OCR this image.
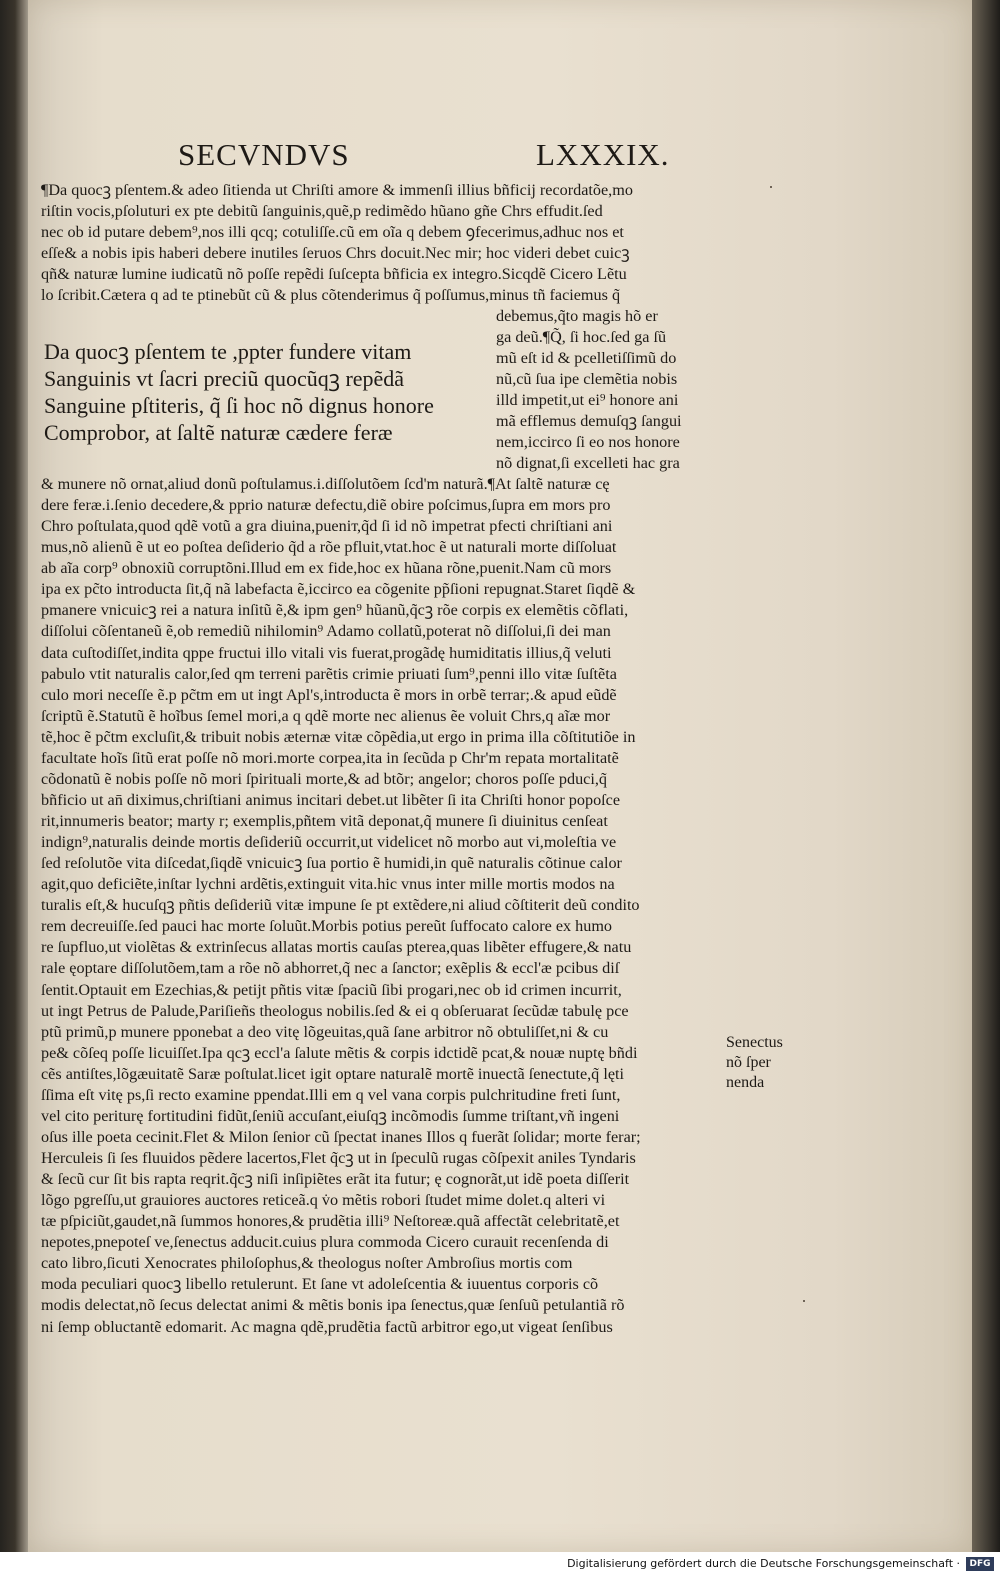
SECVNDVS	LXXXIX.
¶Da quocꝫ pſentem.& adeo ſitienda ut Chriſti amore & immenſi illius bñficij recordatõe,mo
riſtin vocis,pſoluturi ex pte debitũ ſanguinis,quẽ,p redimẽdo hũano gñe Chrs effudit.ſed
nec ob id putare debem⁹,nos illi qcq; cotuliſſe.cũ em oĩa q debem ꝯfecerimus,adhuc nos et
eſſe& a nobis ipis haberi debere inutiles ſeruos Chrs docuit.Nec mir; hoc videri debet cuicꝫ
qñ& naturæ lumine iudicatũ nõ poſſe repẽdi ſuſcepta bñficia ex integro.Sicqdẽ Cicero Lẽtu
lo ſcribit.Cætera q ad te ptinebũt cũ & plus cõtenderimus q̃ poſſumus,minus tñ faciemus q̃
Da quocꝫ pſentem te ,ppter fundere vitam
Sanguinis vt ſacri preciũ quocũqꝫ repẽdã
Sanguine pſtiteris, q̃ ſi hoc nõ dignus honore
Comprobor, at ſaltẽ naturæ cædere feræ
debemus,q̃to magis hõ er
ga deũ.¶Q̃, ſi hoc.ſed ga ſũ
mũ eſt id & pcelletiſſimũ do
nũ,cũ ſua ipe clemẽtia nobis
illd impetit,ut ei⁹ honore ani
mã efflemus demuſqꝫ ſangui
nem,iccirco ſi eo nos honore
nõ dignat,ſi excelleti hac gra
& munere nõ ornat,aliud donũ poſtulamus.i.diſſolutõem ſcd'm naturã.¶At ſaltẽ naturæ cę
dere feræ.i.ſenio decedere,& pprio naturæ defectu,diẽ obire poſcimus,ſupra em mors pro
Chro poſtulata,quod qdẽ votũ a gra diuina,pueniт,q̃d ſi id nõ impetrat pfecti chriſtiani ani
mus,nõ alienũ ẽ ut eo poſtea deſiderio q̃d a rõe pfluit,vtat.hoc ẽ ut naturali morte diſſoluat
ab aĩa corp⁹ obnoxiũ corruptõni.Illud em ex fide,hoc ex hũana rõne,puenit.Nam cũ mors
ipa ex pc̃to introducta ſit,q̃ nã labefacta ẽ,iccirco ea cõgenite pp̃ſioni repugnat.Staret ſiqdẽ &
pmanere vnicuicꝫ rei a natura inſitũ ẽ,& ipm gen⁹ hũanũ,q̃cꝫ rõe corpis ex elemẽtis cõflati,
diſſolui cõſentaneũ ẽ,ob remediũ nihilomin⁹ Adamo collatũ,poterat nõ diſſolui,ſi dei man
data cuſtodiſſet,indita qppe fructui illo vitali vis fuerat,progãdę humiditatis illius,q̃ veluti
pabulo vtit naturalis calor,ſed qm terreni parẽtis crimie priuati ſum⁹,penni illo vitæ ſuſtẽta
culo mori neceſſe ẽ.p pc̃tm em ut ingt Apl's,introducta ẽ mors in orbẽ terrar;.& apud eũdẽ
ſcriptũ ẽ.Statutũ ẽ hoĩbus ſemel mori,a q qdẽ morte nec alienus ẽe voluit Chrs,q aĩæ mor
tẽ,hoc ẽ pc̃tm excluſit,& tribuit nobis æternæ vitæ cõpẽdia,ut ergo in prima illa cõſtitutiõe in
facultate hoĩs ſitũ erat poſſe nõ mori.morte corpea,ita in ſecũda p Chr'm repata mortalitatẽ
cõdonatũ ẽ nobis poſſe nõ mori ſpirituali morte,& ad btõr; angelor; choros poſſe pduci,q̃
bñficio ut an̄ diximus,chriſtiani animus incitari debet.ut libẽter ſi ita Chriſti honor popoſce
rit,innumeris beator; marty r; exemplis,pñtem vitã deponat,q̃ munere ſi diuinitus cenſeat
indign⁹,naturalis deinde mortis deſideriũ occurrit,ut videlicet nõ morbo aut vi,moleſtia ve
ſed reſolutõe vita diſcedat,ſiqdẽ vnicuicꝫ ſua portio ẽ humidi,in quẽ naturalis cõtinue calor
agit,quo deficiẽte,inſtar lychni ardẽtis,extinguit vita.hic vnus inter mille mortis modos na
turalis eſt,& hucuſqꝫ pñtis deſideriũ vitæ impune ſe pt extẽdere,ni aliud cõſtiterit deũ condito
rem decreuiſſe.ſed pauci hac morte ſoluũt.Morbis potius pereũt ſuffocato calore ex humo
re ſupfluo,ut violẽtas & extrinſecus allatas mortis cauſas pterea,quas libẽter effugere,& natu
rale ęoptare diſſolutõem,tam a rõe nõ abhorret,q̃ nec a ſanctor; exẽplis & eccl'æ pcibus diſ
ſentit.Optauit em Ezechias,& petijt pñtis vitæ ſpaciũ ſibi progari,nec ob id crimen incurrit,
ut ingt Petrus de Palude,Pariſieñs theologus nobilis.ſed & ei q obſeruarat ſecũdæ tabulę pce
ptũ primũ,p munere pponebat a deo vitę lõgeuitas,quã ſane arbitror nõ obtuliſſet,ni & cu
pe& cõſeq poſſe licuiſſet.Ipa qcꝫ eccl'a ſalute mẽtis & corpis idctidẽ pcat,& nouæ nuptę bñdi
cẽs antiſtes,lõgæuitatẽ Saræ poſtulat.licet igit optare naturalẽ mortẽ inuectã ſenectute,q̃ lęti
ſſima eſt vitę ps,ſi recto examine ppendat.Illi em q vel vana corpis pulchritudine freti ſunt,
vel cito periturę fortitudini fidũt,ſeniũ accuſant,eiuſqꝫ incõmodis ſumme triſtant,vñ ingeni
oſus ille poeta cecinit.Flet & Milon ſenior cũ ſpectat inanes Illos q fuerãt ſolidar; morte ferar;
Herculeis ſi ſes fluuidos pẽdere lacertos,Flet q̃cꝫ ut in ſpeculũ rugas cõſpexit aniles Tyndaris
& ſecũ cur ſit bis rapta reqrit.q̃cꝫ niſi inſipiẽtes erãt ita futur; ę cognorãt,ut idẽ poeta diſſerit
lõgo pgreſſu,ut grauiores auctores reticeã.q v̇o mẽtis robori ſtudet mime dolet.q alteri vi
tæ pſpiciũt,gaudet,nã ſummos honores,& prudẽtia illi⁹ Neſtoreæ.quã affectãt celebritatẽ,et
nepotes,pnepoteſ ve,ſenectus adducit.cuius plura commoda Cicero curauit recenſenda di
cato libro,ſicuti Xenocrates philoſophus,& theologus noſter Ambroſius mortis com
moda peculiari quocꝫ libello retulerunt. Et ſane vt adoleſcentia & iuuentus corporis cõ
modis delectat,nõ ſecus delectat animi & mẽtis bonis ipa ſenectus,quæ ſenſuũ petulantiã rõ
ni ſemp obluctantẽ edomarit. Ac magna qdẽ,prudẽtia factũ arbitror ego,ut vigeat ſenſibus
Senectus
nõ ſper
nenda
Digitalisierung gefördert durch die Deutsche Forschungsgemeinschaft ·	DFG
